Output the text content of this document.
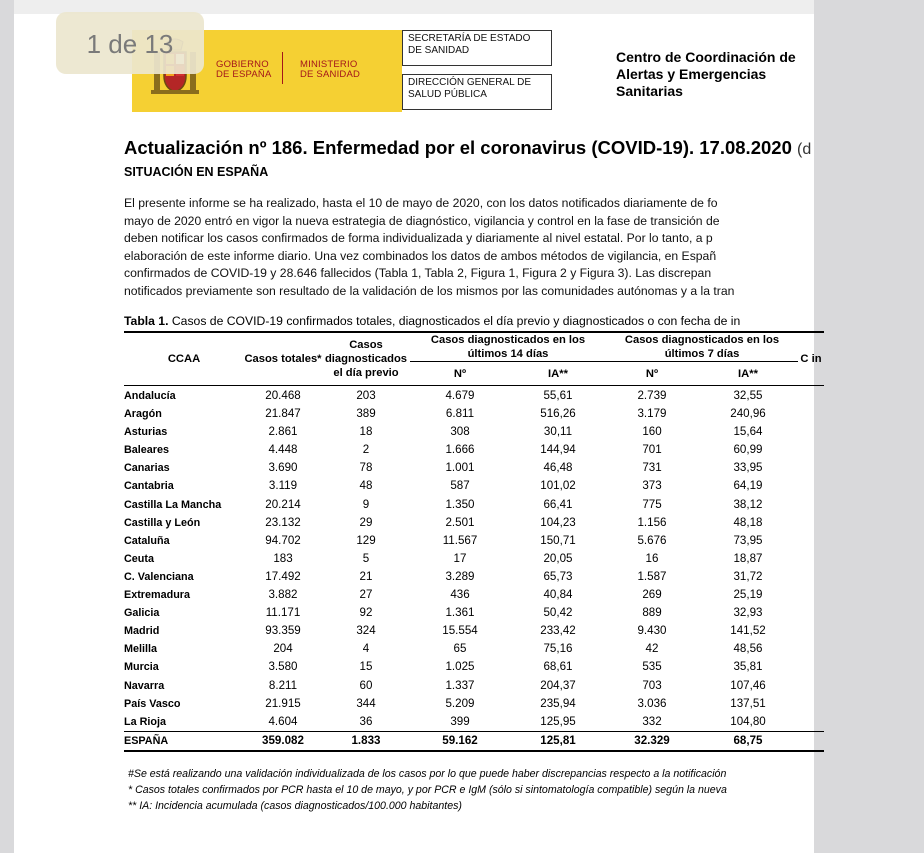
GOBIERNO
DE ESPAÑA
MINISTERIO
DE SANIDAD
SECRETARÍA DE ESTADO
DE SANIDAD
DIRECCIÓN GENERAL DE
SALUD PÚBLICA
Centro de Coordinación de
Alertas y Emergencias
Sanitarias
Actualización nº 186. Enfermedad por el coronavirus (COVID-19). 17.08.2020 (d
SITUACIÓN EN ESPAÑA
El presente informe se ha realizado, hasta el 10 de mayo de 2020, con los datos notificados diariamente de fo
mayo de 2020 entró en vigor la nueva estrategia de diagnóstico, vigilancia y control en la fase de transición de
deben notificar los casos confirmados de forma individualizada y diariamente al nivel estatal. Por lo tanto, a p
elaboración de este informe diario. Una vez combinados los datos de ambos métodos de vigilancia, en Españ
confirmados de COVID-19 y 28.646 fallecidos (Tabla 1, Tabla 2, Figura 1, Figura 2 y Figura 3). Las discrepan
notificados previamente son resultado de la validación de los mismos por las comunidades autónomas y a la tran
Tabla 1. Casos de COVID-19 confirmados totales, diagnosticados el día previo y diagnosticados o con fecha de in
CCAA	Casos totales*	Casos diagnosticados el día previo	Casos diagnosticados en los últimos 14 días		Casos diagnosticados en los últimos 7 días		C in
			Nº	IA**	Nº	IA**	

Andalucía	20.468	203	4.679	55,61	2.739	32,55	
Aragón	21.847	389	6.811	516,26	3.179	240,96	
Asturias	2.861	18	308	30,11	160	15,64	
Baleares	4.448	2	1.666	144,94	701	60,99	
Canarias	3.690	78	1.001	46,48	731	33,95	
Cantabria	3.119	48	587	101,02	373	64,19	
Castilla La Mancha	20.214	9	1.350	66,41	775	38,12	
Castilla y León	23.132	29	2.501	104,23	1.156	48,18	
Cataluña	94.702	129	11.567	150,71	5.676	73,95	
Ceuta	183	5	17	20,05	16	18,87	
C. Valenciana	17.492	21	3.289	65,73	1.587	31,72	
Extremadura	3.882	27	436	40,84	269	25,19	
Galicia	11.171	92	1.361	50,42	889	32,93	
Madrid	93.359	324	15.554	233,42	9.430	141,52	
Melilla	204	4	65	75,16	42	48,56	
Murcia	3.580	15	1.025	68,61	535	35,81	
Navarra	8.211	60	1.337	204,37	703	107,46	
País Vasco	21.915	344	5.209	235,94	3.036	137,51	
La Rioja	4.604	36	399	125,95	332	104,80	
ESPAÑA	359.082	1.833	59.162	125,81	32.329	68,75	
#Se está realizando una validación individualizada de los casos por lo que puede haber discrepancias respecto a la notificación
* Casos totales confirmados por PCR hasta el 10 de mayo, y por PCR e IgM (sólo si sintomatología compatible) según la nueva
** IA: Incidencia acumulada (casos diagnosticados/100.000 habitantes)
1 de 13
